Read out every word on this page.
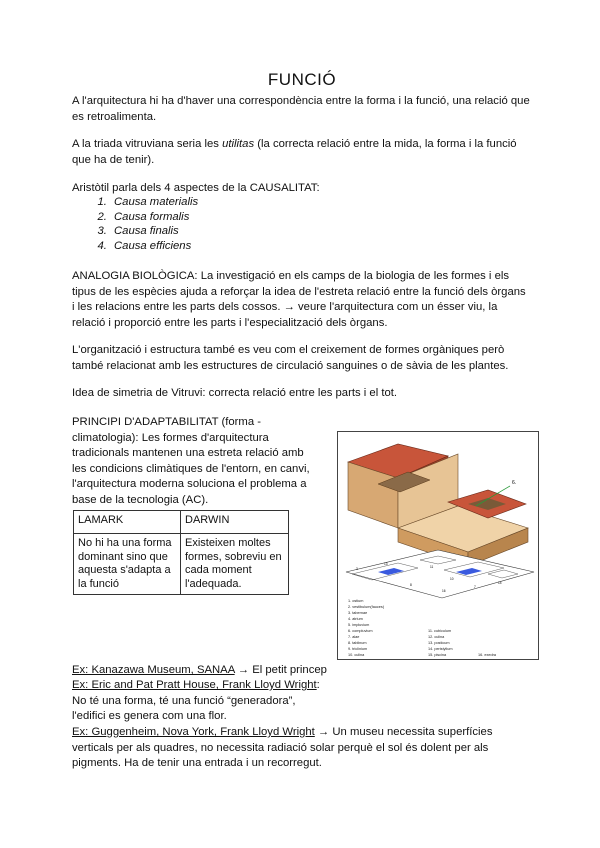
FUNCIÓ

A l'arquitectura hi ha d'haver una correspondència entre la forma i la funció, una relació que es retroalimenta.

A la triada vitruviana seria les utilitas (la correcta relació entre la mida, la forma i la funció que ha de tenir).

Aristòtil parla dels 4 aspectes de la CAUSALITAT:

1. Causa materialis
2. Causa formalis
3. Causa finalis
4. Causa efficiens

ANALOGIA BIOLÒGICA: La investigació en els camps de la biologia de les formes i els tipus de les espècies ajuda a reforçar la idea de l'estreta relació entre la funció dels òrgans i les relacions entre les parts dels cossos. → veure l'arquitectura com un ésser viu, la relació i proporció entre les parts i l'especialització dels òrgans.

L'organització i estructura també es veu com el creixement de formes orgàniques però també relacionat amb les estructures de circulació sanguines o de sàvia de les plantes.

Idea de simetria de Vitruvi: correcta relació entre les parts i el tot.

PRINCIPI D'ADAPTABILITAT (forma - climatologia): Les formes d'arquitectura tradicionals mantenen una estreta relació amb les condicions climàtiques de l'entorn, en canvi, l'arquitectura moderna soluciona el problema a base de la tecnologia (AC).

LAMARK	DARWIN
No hi ha una forma dominant sino que aquesta s'adapta a la funció	Existeixen moltes formes, sobreviu en cada moment l'adequada.

Ex: Kanazawa Museum, SANAA → El petit princep

Ex: Eric and Pat Pratt House, Frank Lloyd Wright:
No té una forma, té una funció “generadora”,
l'edifici es genera com una flor.

Ex: Guggenheim, Nova York, Frank Lloyd Wright → Un museu necessita superfícies verticals per als quadres, no necessita radiació solar perquè el sol és dolent per als pigments. Ha de tenir una entrada i un recorregut.

6.
3
13
11
10
14
8
16
7
1. ostium
2. vestibulum(fauces)
3. tabernae
4. atrium
5. impluvium
6. compluvium
7. alae
8. tablinum
9. triclinium
11. cubiculum
12. culina
13. posticum
14. peristylium
15. piscina
10. culina	16. exedra
